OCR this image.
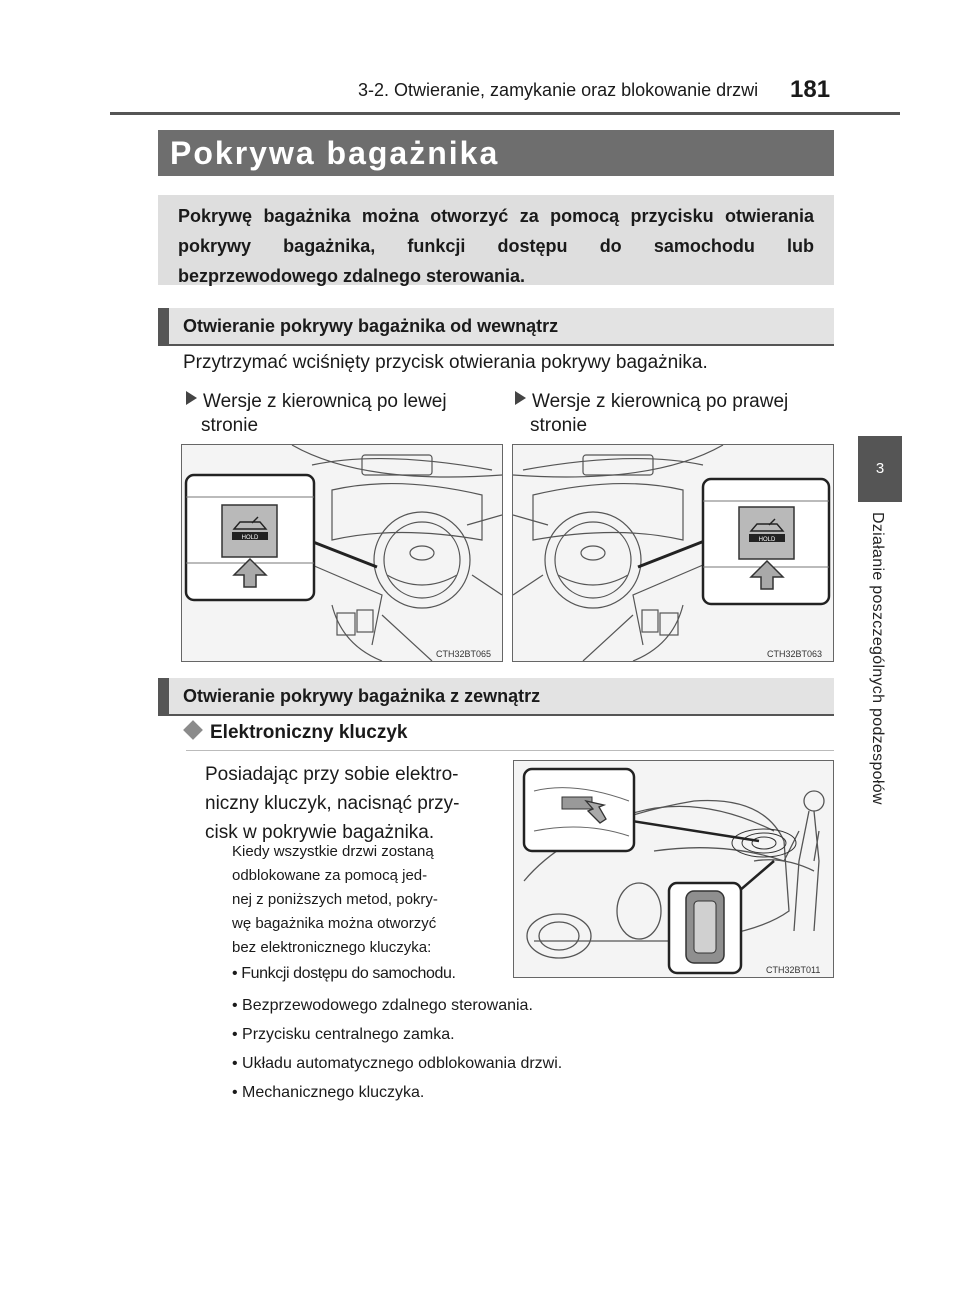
3-2. Otwieranie, zamykanie oraz blokowanie drzwi 181
3
Działanie poszczególnych podzespołów
Pokrywa bagażnika
Pokrywę bagażnika można otworzyć za pomocą przycisku otwierania pokrywy bagażnika, funkcji dostępu do samochodu lub bezprzewodowego zdalnego sterowania.
Otwieranie pokrywy bagażnika od wewnątrz
Przytrzymać wciśnięty przycisk otwierania pokrywy bagażnika.
Wersje z kierownicą po lewej
stronie
Wersje z kierownicą po prawej
stronie
HOLD
CTH32BT065
HOLD
CTH32BT063
Otwieranie pokrywy bagażnika z zewnątrz
Elektroniczny kluczyk
Posiadając przy sobie elektro-
niczny kluczyk, nacisnąć przy-
cisk w pokrywie bagażnika.
Kiedy wszystkie drzwi zostaną
odblokowane za pomocą jed-
nej z poniższych metod, pokry-
wę bagażnika można otworzyć
bez elektronicznego kluczyka:
• Funkcji dostępu do samochodu.
• Bezprzewodowego zdalnego sterowania.
• Przycisku centralnego zamka.
• Układu automatycznego odblokowania drzwi.
• Mechanicznego kluczyka.
CTH32BT011
